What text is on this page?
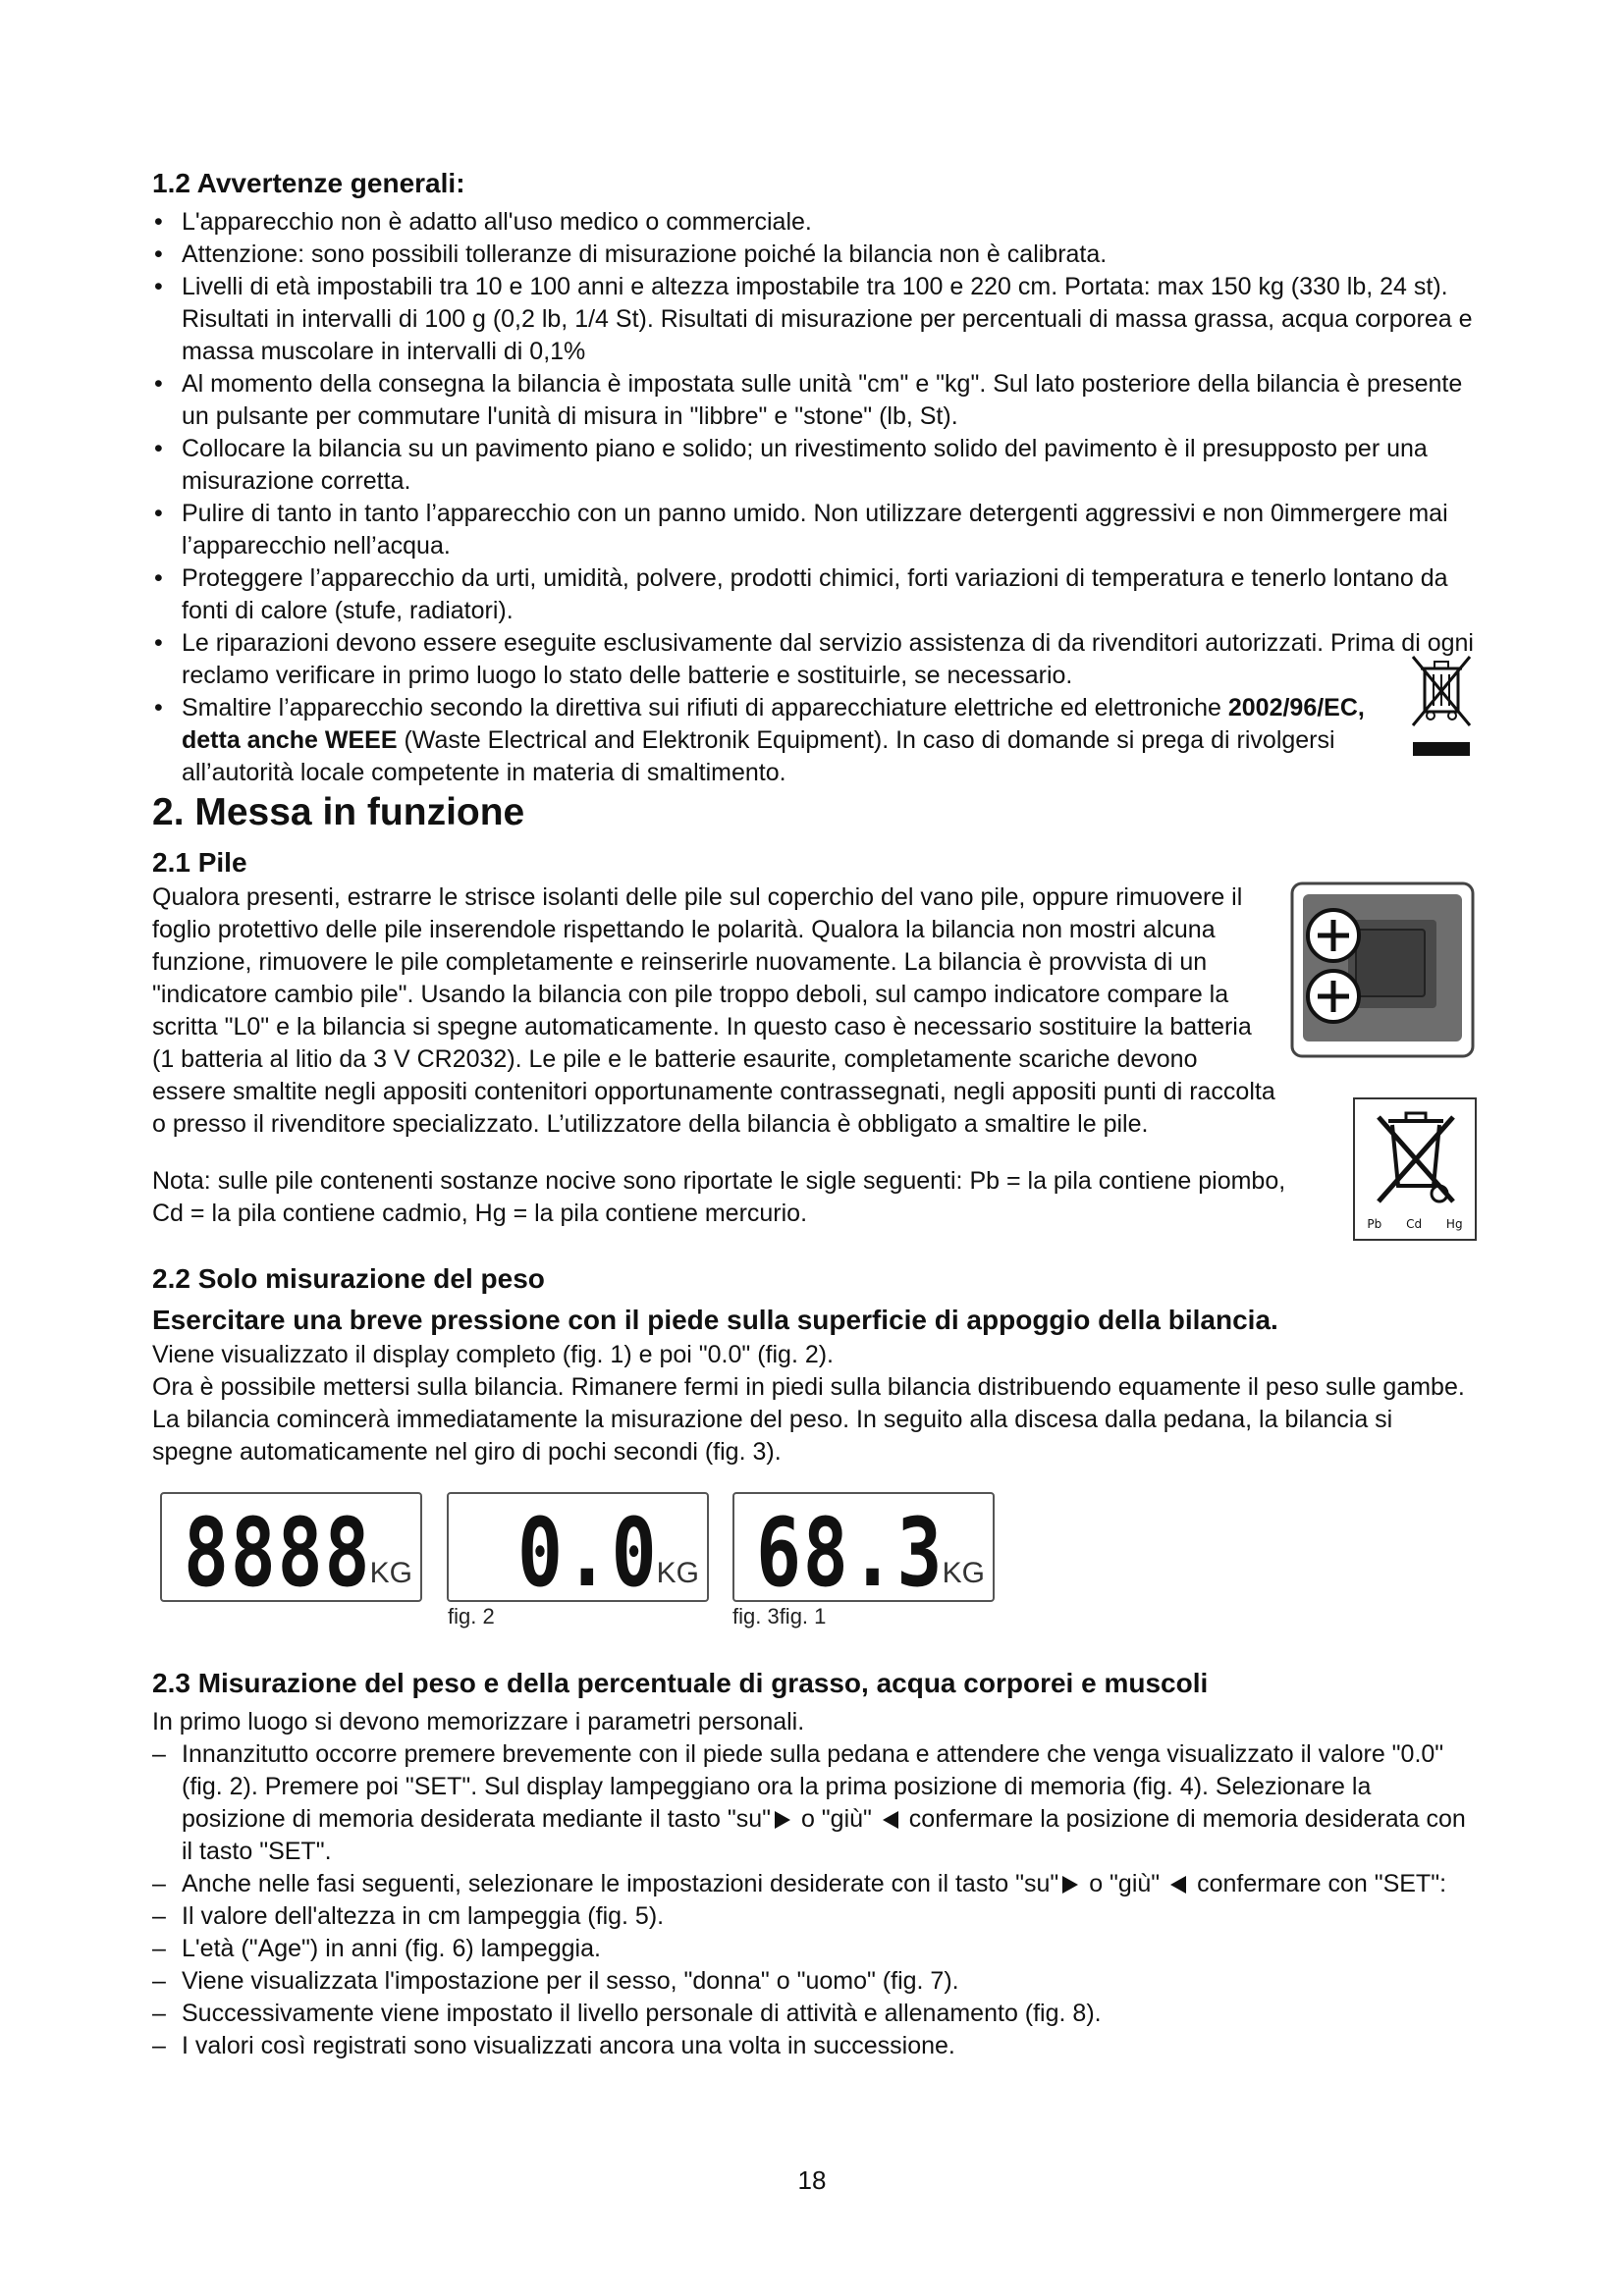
1.2 Avvertenze generali:
• L'apparecchio non è adatto all'uso medico o commerciale.
• Attenzione: sono possibili tolleranze di misurazione poiché la bilancia non è calibrata.
• Livelli di età impostabili tra 10 e 100 anni e altezza impostabile tra 100 e 220 cm. Portata: max 150 kg (330 lb, 24 st). Risultati in intervalli di 100 g (0,2 lb, 1/4 St). Risultati di misurazione per percentuali di massa grassa, acqua corporea e massa muscolare in intervalli di 0,1%
• Al momento della consegna la bilancia è impostata sulle unità "cm" e "kg". Sul lato posteriore della bilancia è presente un pulsante per commutare l'unità di misura in "libbre" e "stone" (lb, St).
• Collocare la bilancia su un pavimento piano e solido; un rivestimento solido del pavimento è il presupposto per una misurazione corretta.
• Pulire di tanto in tanto l’apparecchio con un panno umido. Non utilizzare detergenti aggressivi e non 0immergere mai l’apparecchio nell’acqua.
• Proteggere l’apparecchio da urti, umidità, polvere, prodotti chimici, forti variazioni di temperatura e tenerlo lontano da fonti di calore (stufe, radiatori).
• Le riparazioni devono essere eseguite esclusivamente dal servizio assistenza di da rivenditori autorizzati. Prima di ogni reclamo verificare in primo luogo lo stato delle batterie e sostituirle, se necessario.
• Smaltire l’apparecchio secondo la direttiva sui rifiuti di apparecchiature elettriche ed elettroniche 2002/96/EC, detta anche WEEE (Waste Electrical and Elektronik Equipment). In caso di domande si prega di rivolgersi all’autorità locale competente in materia di smaltimento.
2. Messa in funzione
2.1 Pile

Qualora presenti, estrarre le strisce isolanti delle pile sul coperchio del vano pile, oppure rimuovere il foglio protettivo delle pile inserendole rispettando le polarità. Qualora la bilancia non mostri alcuna funzione, rimuovere le pile completamente e reinserirle nuovamente. La bilancia è provvista di un "indicatore cambio pile". Usando la bilancia con pile troppo deboli, sul campo indicatore compare la scritta "L0" e la bilancia si spegne automaticamente. In questo caso è necessario sostituire la batteria (1 batteria al litio da 3 V CR2032). Le pile e le batterie esaurite, completamente scariche devono essere smaltite negli appositi contenitori opportunamente contrassegnati, negli appositi punti di raccolta o presso il rivenditore specializzato. L’utilizzatore della bilancia è obbligato a smaltire le pile.

Nota: sulle pile contenenti sostanze nocive sono riportate le sigle seguenti: Pb = la pila contiene piombo, Cd = la pila contiene cadmio, Hg = la pila contiene mercurio.	Pb Cd Hg
2.2 Solo misurazione del peso

Esercitare una breve pressione con il piede sulla superficie di appoggio della bilancia.

Viene visualizzato il display completo (fig. 1) e poi "0.0" (fig. 2).

Ora è possibile mettersi sulla bilancia. Rimanere fermi in piedi sulla bilancia distribuendo equamente il peso sulle gambe. La bilancia comincerà immediatamente la misurazione del peso. In seguito alla discesa dalla pedana, la bilancia si spegne automaticamente nel giro di pochi secondi (fig. 3).

8888
KG 0.0
KG 68.3
KG
fig. 2	fig. 3fig. 1
2.3 Misurazione del peso e della percentuale di grasso, acqua corporei e muscoli

In primo luogo si devono memorizzare i parametri personali.

– Innanzitutto occorre premere brevemente con il piede sulla pedana e attendere che venga visualizzato il valore "0.0" (fig. 2). Premere poi "SET". Sul display lampeggiano ora la prima posizione di memoria (fig. 4). Selezionare la posizione di memoria desiderata mediante il tasto "su" o "giù"  confermare la posizione di memoria desiderata con il tasto "SET".
– Anche nelle fasi seguenti, selezionare le impostazioni desiderate con il tasto "su" o "giù"  confermare con "SET":
– Il valore dell'altezza in cm lampeggia (fig. 5).
– L'età ("Age") in anni (fig. 6) lampeggia.
– Viene visualizzata l'impostazione per il sesso, "donna" o "uomo" (fig. 7).
– Successivamente viene impostato il livello personale di attività e allenamento (fig. 8).
– I valori così registrati sono visualizzati ancora una volta in successione.
18
